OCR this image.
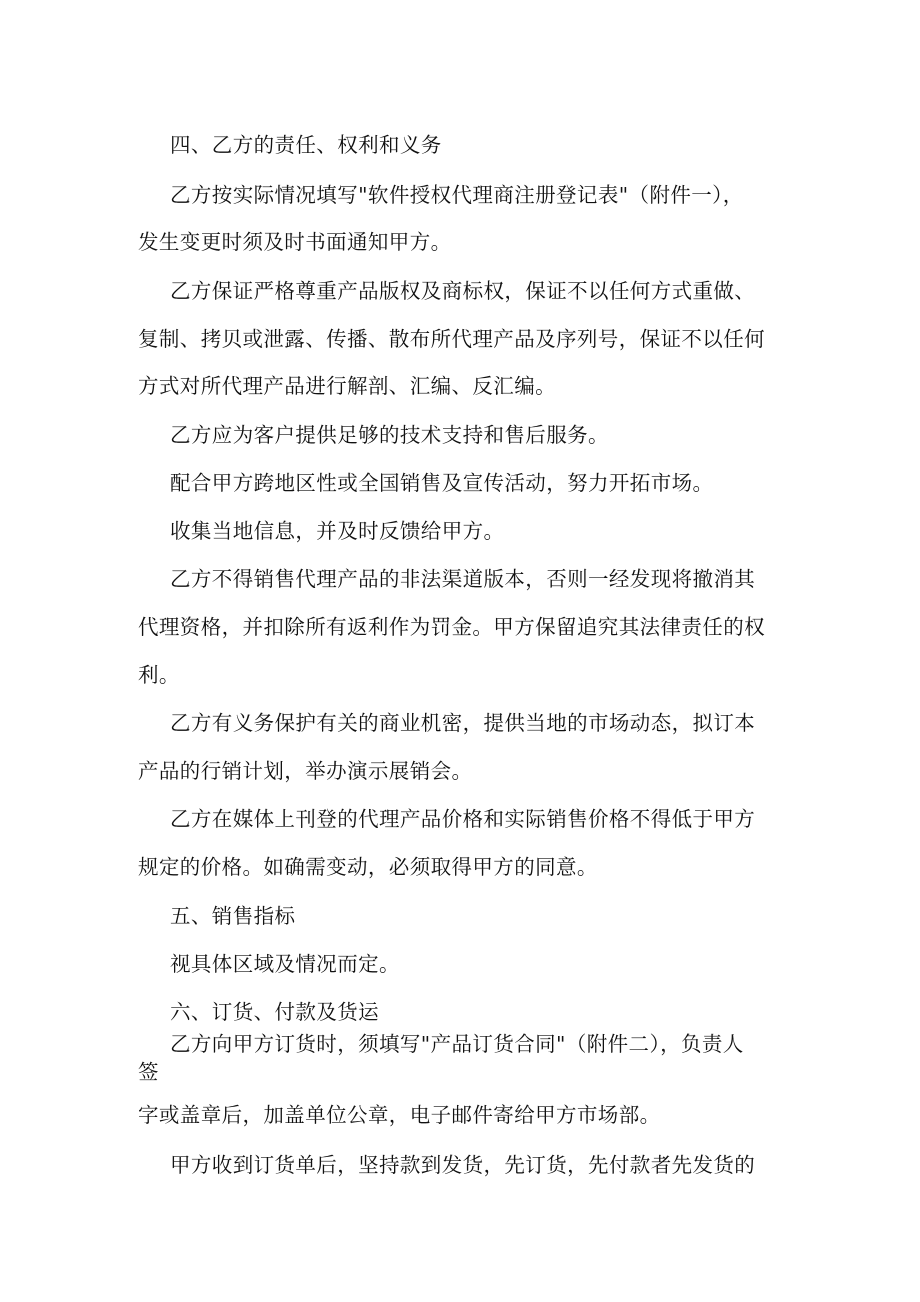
四、乙方的责任、权利和义务
乙方按实际情况填写"软件授权代理商注册登记表"（附件一），
发生变更时须及时书面通知甲方。
乙方保证严格尊重产品版权及商标权，保证不以任何方式重做、
复制、拷贝或泄露、传播、散布所代理产品及序列号，保证不以任何
方式对所代理产品进行解剖、汇编、反汇编。
乙方应为客户提供足够的技术支持和售后服务。
配合甲方跨地区性或全国销售及宣传活动，努力开拓市场。
收集当地信息，并及时反馈给甲方。
乙方不得销售代理产品的非法渠道版本，否则一经发现将撤消其
代理资格，并扣除所有返利作为罚金。甲方保留追究其法律责任的权
利。
乙方有义务保护有关的商业机密，提供当地的市场动态，拟订本
产品的行销计划，举办演示展销会。
乙方在媒体上刊登的代理产品价格和实际销售价格不得低于甲方
规定的价格。如确需变动，必须取得甲方的同意。
五、销售指标
视具体区域及情况而定。
六、订货、付款及货运
乙方向甲方订货时，须填写"产品订货合同"（附件二），负责人
签
字或盖章后，加盖单位公章，电子邮件寄给甲方市场部。
甲方收到订货单后，坚持款到发货，先订货，先付款者先发货的
